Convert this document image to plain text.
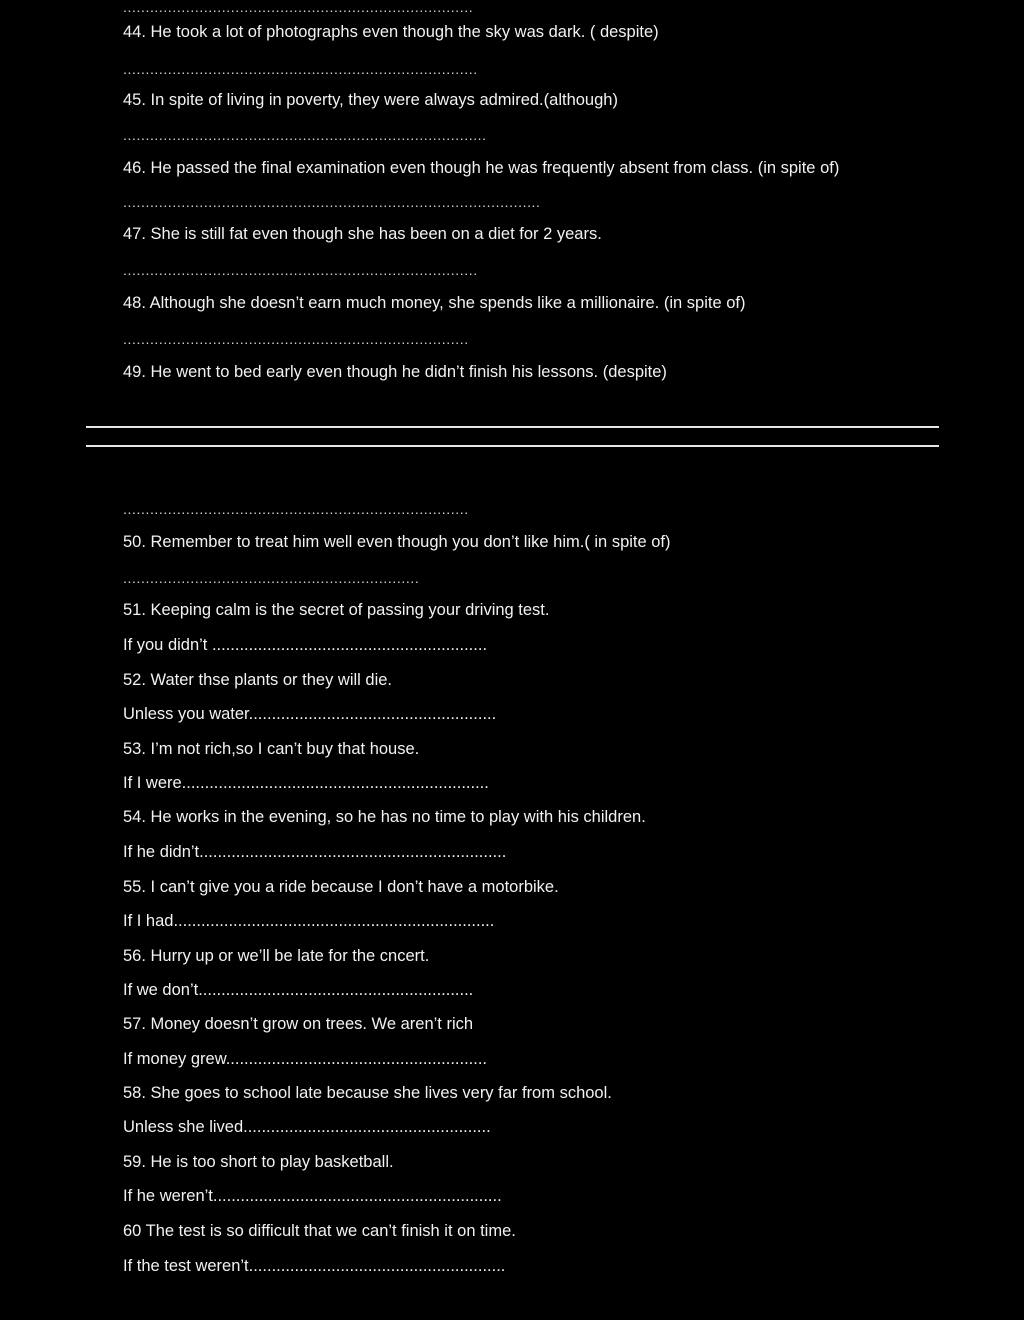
..............................................................................
44. He took a lot of photographs even though the sky was dark. ( despite)
...............................................................................
45. In spite of living in poverty, they were always admired.(although)
.................................................................................
46. He passed the final examination even though he was frequently absent from class. (in spite of)
.............................................................................................
47. She is still fat even though she has been on a diet for 2 years.
...............................................................................
48. Although she doesn’t earn much money, she spends like a millionaire. (in spite of)
.............................................................................
49. He went to bed early even though he didn’t finish his lessons. (despite)
.............................................................................
50. Remember to treat him well even though you don’t like him.( in spite of)
..................................................................
51. Keeping calm is the secret of passing your driving test.
If you didn’t ............................................................
52. Water thse plants or they will die.
Unless you water......................................................
53. I’m not rich,so I can’t buy that house.
If I were...................................................................
54. He works in the evening, so he has no time to play with his children.
If he didn’t...................................................................
55. I can’t give you a ride because I don’t have a motorbike.
If I had......................................................................
56. Hurry up or we’ll be late for the cncert.
If we don’t............................................................
57. Money doesn’t grow on trees. We aren’t rich
If money grew.........................................................
58. She goes to school late because she lives very far from school.
Unless she lived......................................................
59. He is too short to play basketball.
If he weren’t...............................................................
60 The test is so difficult that we can’t finish it on time.
If the test weren’t........................................................
